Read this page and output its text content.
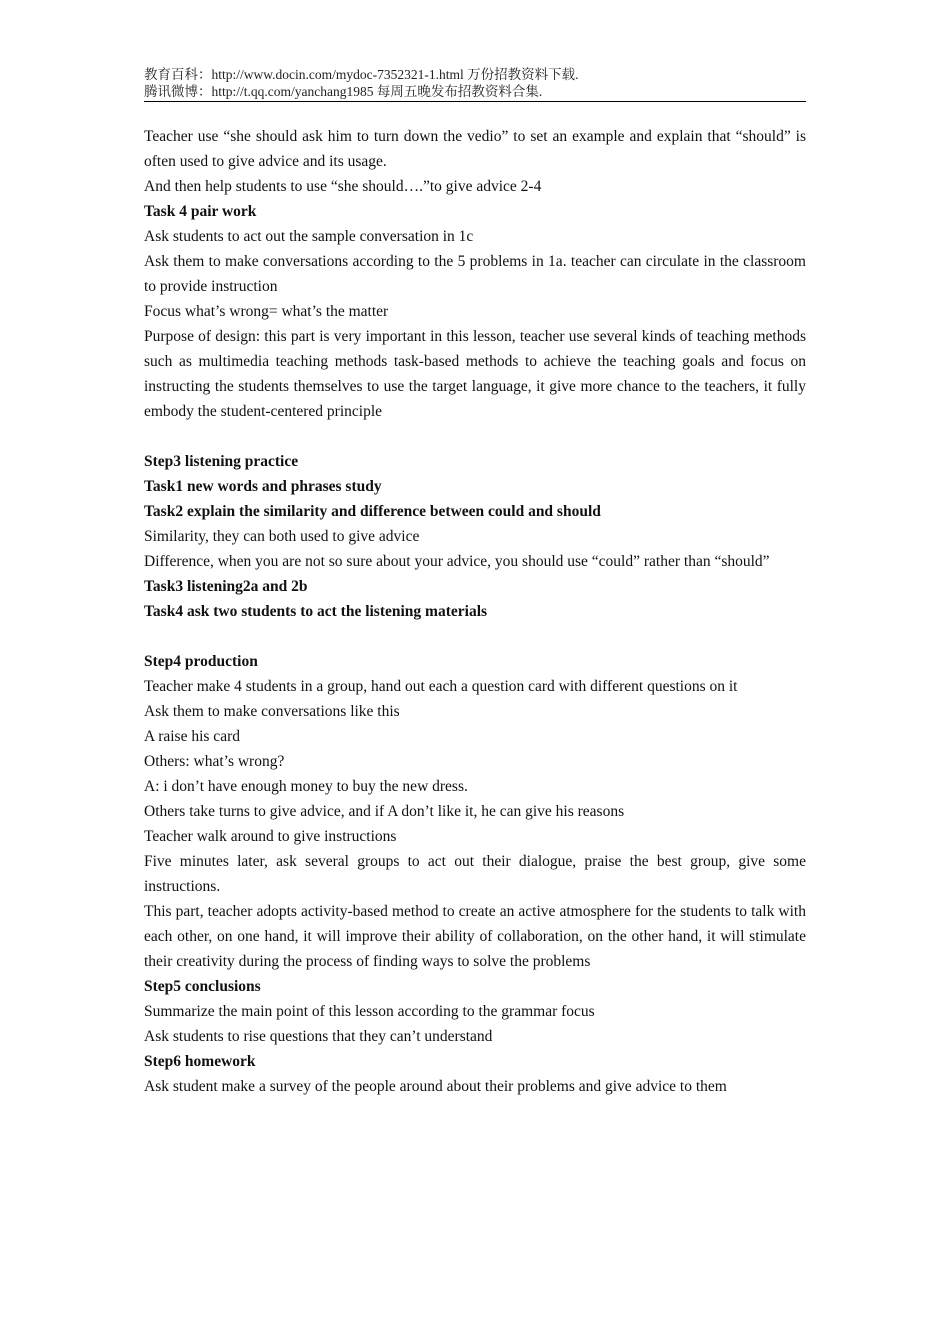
教育百科：http://www.docin.com/mydoc-7352321-1.html 万份招教资料下载.
腾讯微博：http://t.qq.com/yanchang1985 每周五晚发布招教资料合集.

Teacher use “she should ask him to turn down the vedio” to set an example and explain that “should” is often used to give advice and its usage.

And then help students to use “she should….”to give advice 2-4

Task 4 pair work

Ask students to act out the sample conversation in 1c

Ask them to make conversations according to the 5 problems in 1a. teacher can circulate in the classroom to provide instruction

Focus what’s wrong= what’s the matter

Purpose of design: this part is very important in this lesson, teacher use several kinds of teaching methods such as multimedia teaching methods task-based methods to achieve the teaching goals and focus on instructing the students themselves to use the target language, it give more chance to the teachers, it fully embody the student-centered principle

Step3 listening practice

Task1 new words and phrases study

Task2 explain the similarity and difference between could and should

Similarity, they can both used to give advice

Difference, when you are not so sure about your advice, you should use “could” rather than “should”

Task3 listening2a and 2b

Task4 ask two students to act the listening materials

Step4 production

Teacher make 4 students in a group, hand out each a question card with different questions on it

Ask them to make conversations like this

A raise his card

Others: what’s wrong?

A: i don’t have enough money to buy the new dress.

Others take turns to give advice, and if A don’t like it, he can give his reasons

Teacher walk around to give instructions

Five minutes later, ask several groups to act out their dialogue, praise the best group, give some instructions.

This part, teacher adopts activity-based method to create an active atmosphere for the students to talk with each other, on one hand, it will improve their ability of collaboration, on the other hand, it will stimulate their creativity during the process of finding ways to solve the problems

Step5 conclusions

Summarize the main point of this lesson according to the grammar focus

Ask students to rise questions that they can’t understand

Step6 homework

Ask student make a survey of the people around about their problems and give advice to them
